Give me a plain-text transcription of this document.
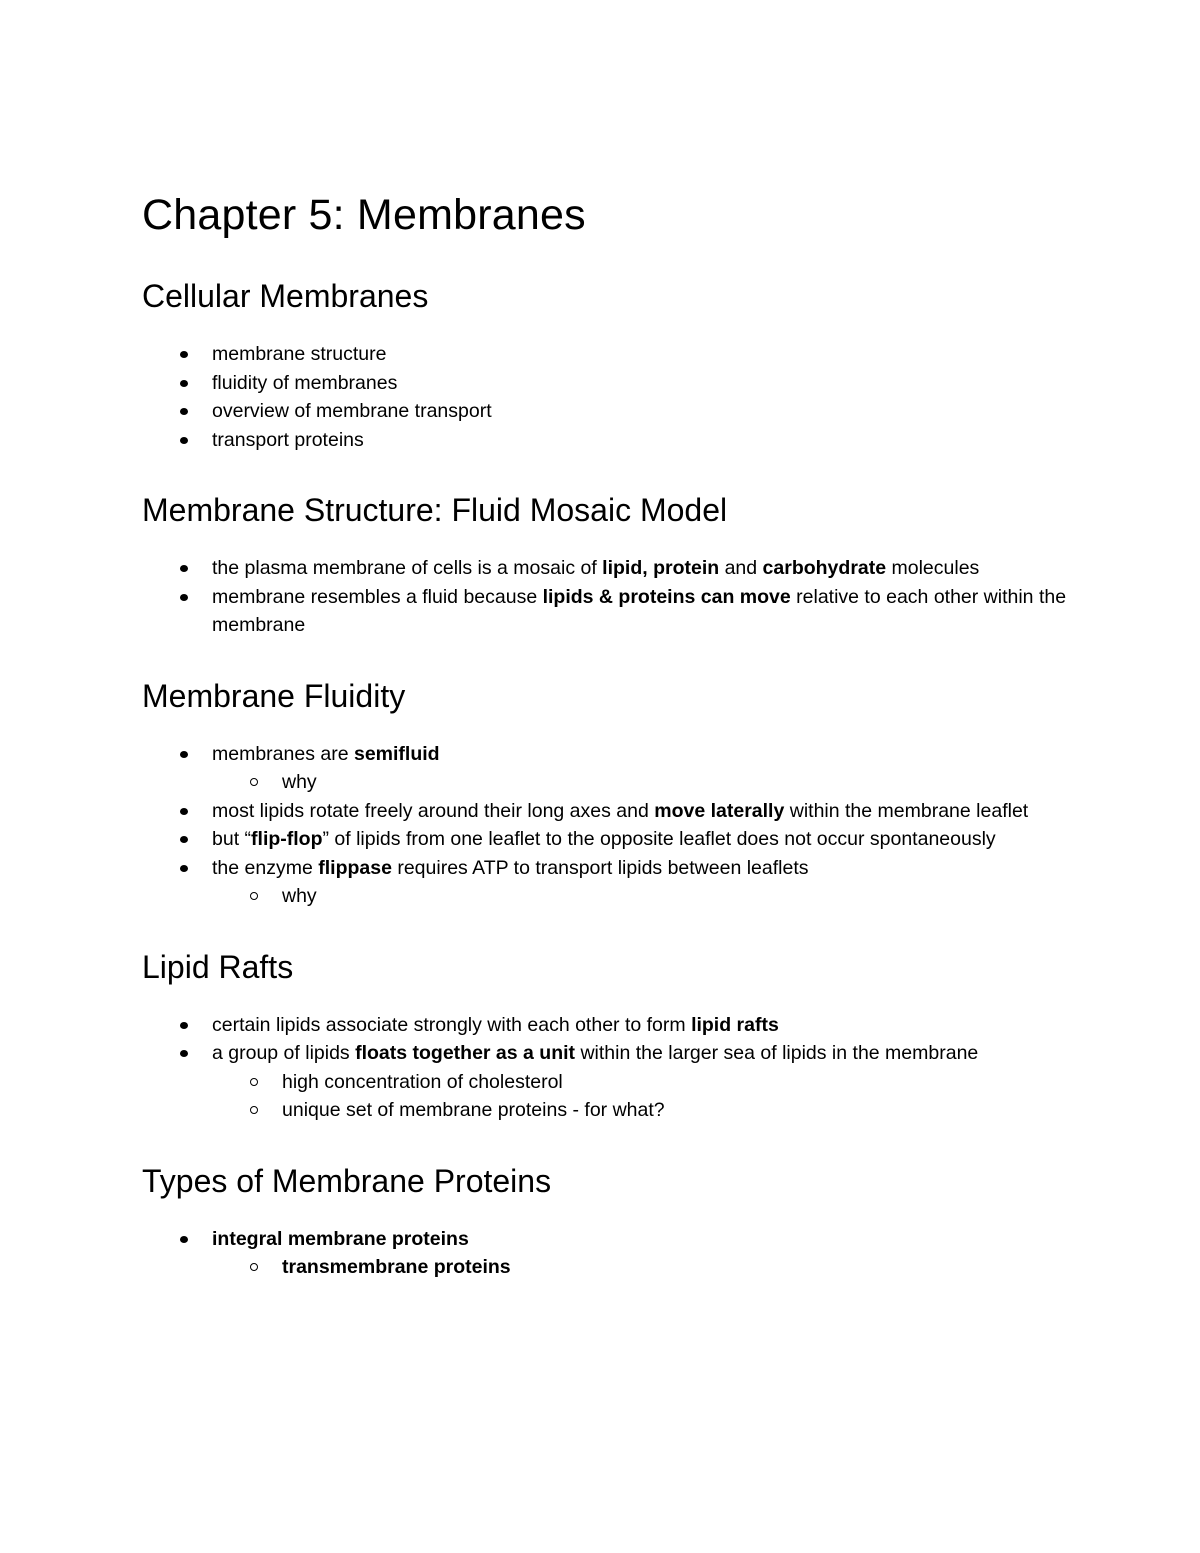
Chapter 5: Membranes
Cellular Membranes
membrane structure
fluidity of membranes
overview of membrane transport
transport proteins
Membrane Structure: Fluid Mosaic Model
the plasma membrane of cells is a mosaic of lipid, protein and carbohydrate molecules
membrane resembles a fluid because lipids & proteins can move relative to each other within the membrane
Membrane Fluidity
membranes are semifluid
why
most lipids rotate freely around their long axes and move laterally within the membrane leaflet
but “flip-flop” of lipids from one leaflet to the opposite leaflet does not occur spontaneously
the enzyme flippase requires ATP to transport lipids between leaflets
why
Lipid Rafts
certain lipids associate strongly with each other to form lipid rafts
a group of lipids floats together as a unit within the larger sea of lipids in the membrane
high concentration of cholesterol
unique set of membrane proteins - for what?
Types of Membrane Proteins
integral membrane proteins
transmembrane proteins
